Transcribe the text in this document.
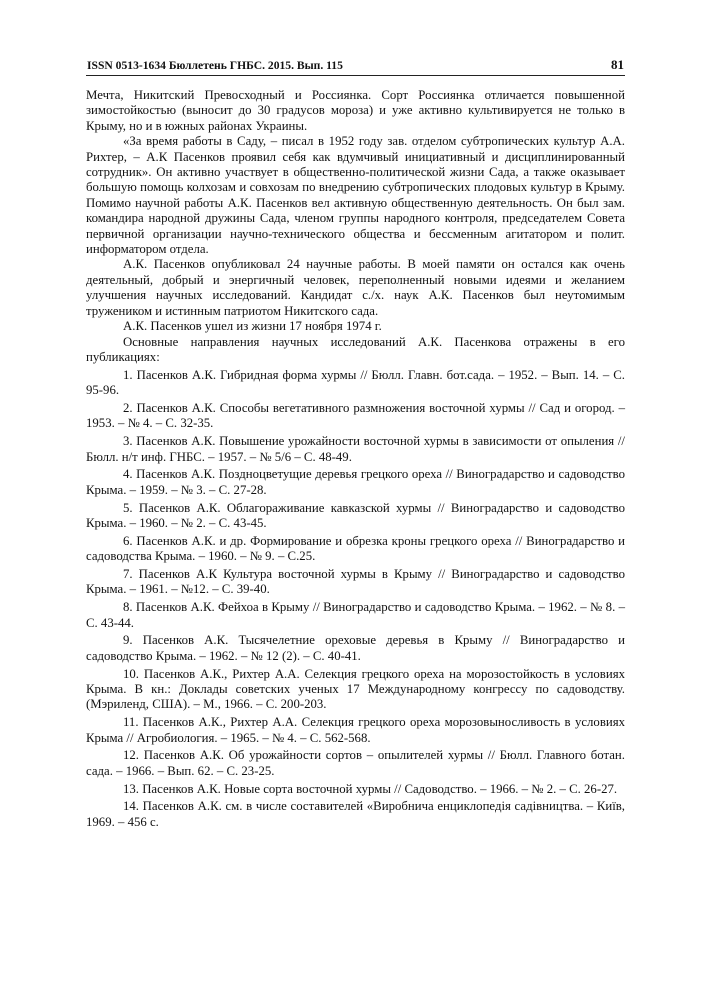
ISSN 0513-1634 Бюллетень ГНБС. 2015. Вып. 115	81

Мечта, Никитский Превосходный и Россиянка. Сорт Россиянка отличается повышенной зимостойкостью (выносит до 30 градусов мороза) и уже активно культивируется не только в Крыму, но и в южных районах Украины.

«За время работы в Саду, – писал в 1952 году зав. отделом субтропических культур А.А. Рихтер, – А.К Пасенков проявил себя как вдумчивый инициативный и дисциплинированный сотрудник». Он активно участвует в общественно-политической жизни Сада, а также оказывает большую помощь колхозам и совхозам по внедрению субтропических плодовых культур в Крыму. Помимо научной работы А.К. Пасенков вел активную общественную деятельность. Он был зам. командира народной дружины Сада, членом группы народного контроля, председателем Совета первичной организации научно-технического общества и бессменным агитатором и полит. информатором отдела.

А.К. Пасенков опубликовал 24 научные работы. В моей памяти он остался как очень деятельный, добрый и энергичный человек, переполненный новыми идеями и желанием улучшения научных исследований. Кандидат с./х. наук А.К. Пасенков был неутомимым тружеником и истинным патриотом Никитского сада.

А.К. Пасенков ушел из жизни 17 ноября 1974 г.

Основные направления научных исследований А.К. Пасенкова отражены в его публикациях:

1. Пасенков А.К. Гибридная форма хурмы // Бюлл. Главн. бот.сада. – 1952. – Вып. 14. – С. 95-96.

2. Пасенков А.К. Способы вегетативного размножения восточной хурмы // Сад и огород. – 1953. – № 4. – С. 32-35.

3. Пасенков А.К. Повышение урожайности восточной хурмы в зависимости от опыления // Бюлл. н/т инф. ГНБС. – 1957. – № 5/6 – С. 48-49.

4. Пасенков А.К. Поздноцветущие деревья грецкого ореха // Виноградарство и садоводство Крыма. – 1959. – № 3. – С. 27-28.

5. Пасенков А.К. Облагораживание кавказской хурмы // Виноградарство и садоводство Крыма. – 1960. – № 2. – С. 43-45.

6. Пасенков А.К. и др. Формирование и обрезка кроны грецкого ореха // Виноградарство и садоводства Крыма. – 1960. – № 9. – С.25.

7. Пасенков А.К Культура восточной хурмы в Крыму // Виноградарство и садоводство Крыма. – 1961. – №12. – С. 39-40.

8. Пасенков А.К. Фейхоа в Крыму // Виноградарство и садоводство Крыма. – 1962. – № 8. – С. 43-44.

9. Пасенков А.К. Тысячелетние ореховые деревья в Крыму // Виноградарство и садоводство Крыма. – 1962. – № 12 (2). – С. 40-41.

10. Пасенков А.К., Рихтер А.А. Селекция грецкого ореха на морозостойкость в условиях Крыма. В кн.: Доклады советских ученых 17 Международному конгрессу по садоводству. (Мэриленд, США). – М., 1966. – С. 200-203.

11. Пасенков А.К., Рихтер А.А. Селекция грецкого ореха морозовыносливость в условиях Крыма // Агробиология. – 1965. – № 4. – С. 562-568.

12. Пасенков А.К. Об урожайности сортов – опылителей хурмы // Бюлл. Главного ботан. сада. – 1966. – Вып. 62. – С. 23-25.

13. Пасенков А.К. Новые сорта восточной хурмы // Садоводство. – 1966. – № 2. – С. 26-27.

14. Пасенков А.К. см. в числе составителей «Виробнича енциклопедія садівництва. – Київ, 1969. – 456 с.
